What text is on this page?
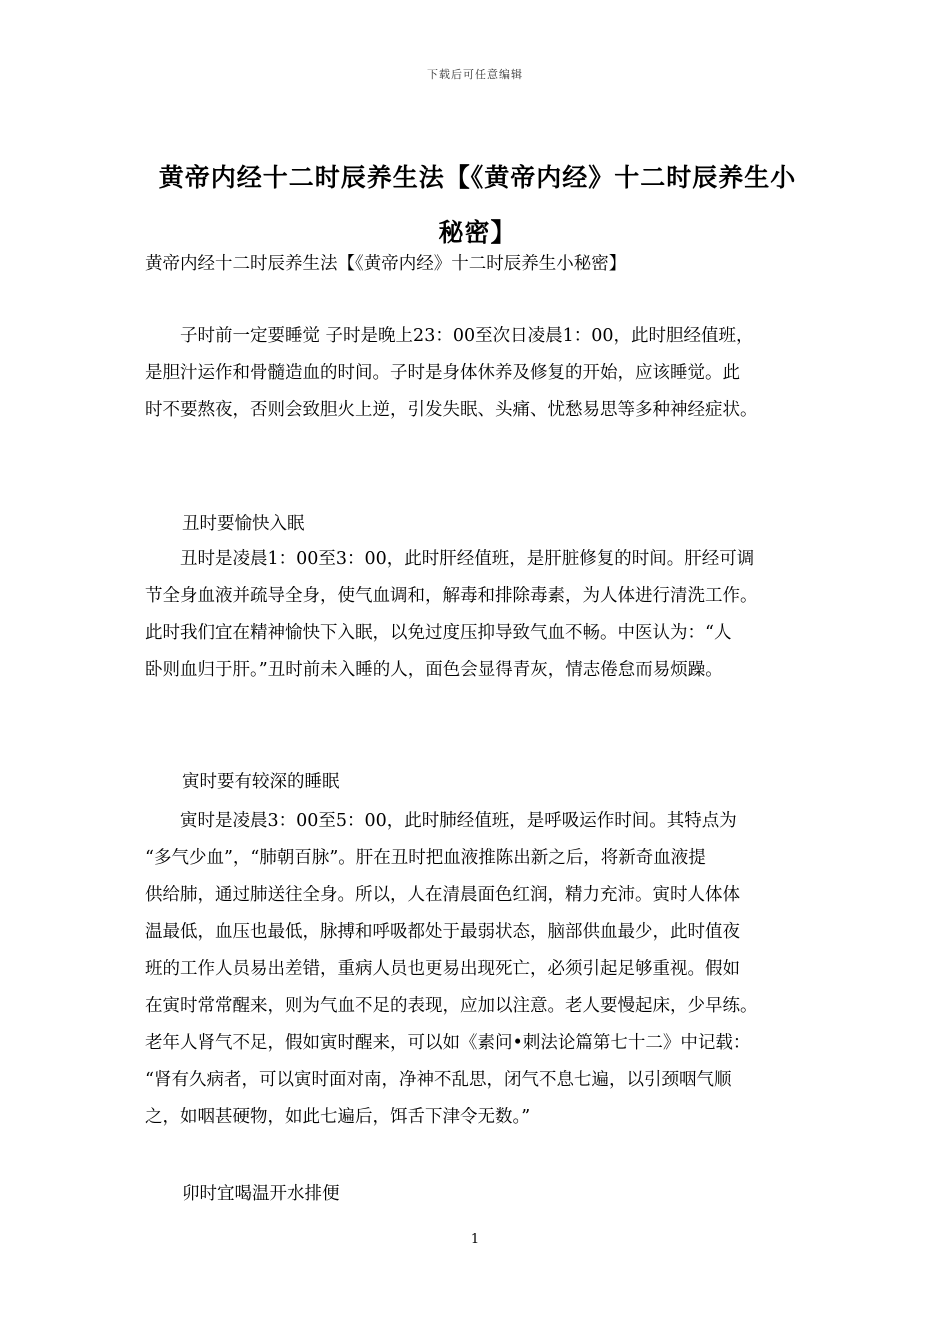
下载后可任意编辑
黄帝内经十二时辰养生法【《黄帝内经》十二时辰养生小
秘密】
黄帝内经十二时辰养生法【《黄帝内经》十二时辰养生小秘密】
　　子时前一定要睡觉 子时是晚上23：00至次日凌晨1：00，此时胆经值班，
是胆汁运作和骨髓造血的时间。子时是身体休养及修复的开始，应该睡觉。此
时不要熬夜，否则会致胆火上逆，引发失眠、头痛、忧愁易思等多种神经症状。
丑时要愉快入眠
　　丑时是凌晨1：00至3：00，此时肝经值班，是肝脏修复的时间。肝经可调
节全身血液并疏导全身，使气血调和，解毒和排除毒素，为人体进行清洗工作。
此时我们宜在精神愉快下入眠，以免过度压抑导致气血不畅。中医认为：“人
卧则血归于肝。”丑时前未入睡的人，面色会显得青灰，情志倦怠而易烦躁。
寅时要有较深的睡眠
　　寅时是凌晨3：00至5：00，此时肺经值班，是呼吸运作时间。其特点为
“多气少血”，“肺朝百脉”。肝在丑时把血液推陈出新之后，将新奇血液提
供给肺，通过肺送往全身。所以，人在清晨面色红润，精力充沛。寅时人体体
温最低，血压也最低，脉搏和呼吸都处于最弱状态，脑部供血最少，此时值夜
班的工作人员易出差错，重病人员也更易出现死亡，必须引起足够重视。假如
在寅时常常醒来，则为气血不足的表现，应加以注意。老人要慢起床，少早练。
老年人肾气不足，假如寅时醒来，可以如《素问•刺法论篇第七十二》中记载：
“肾有久病者，可以寅时面对南，净神不乱思，闭气不息七遍，以引颈咽气顺
之，如咽甚硬物，如此七遍后，饵舌下津令无数。”
卯时宜喝温开水排便
1
